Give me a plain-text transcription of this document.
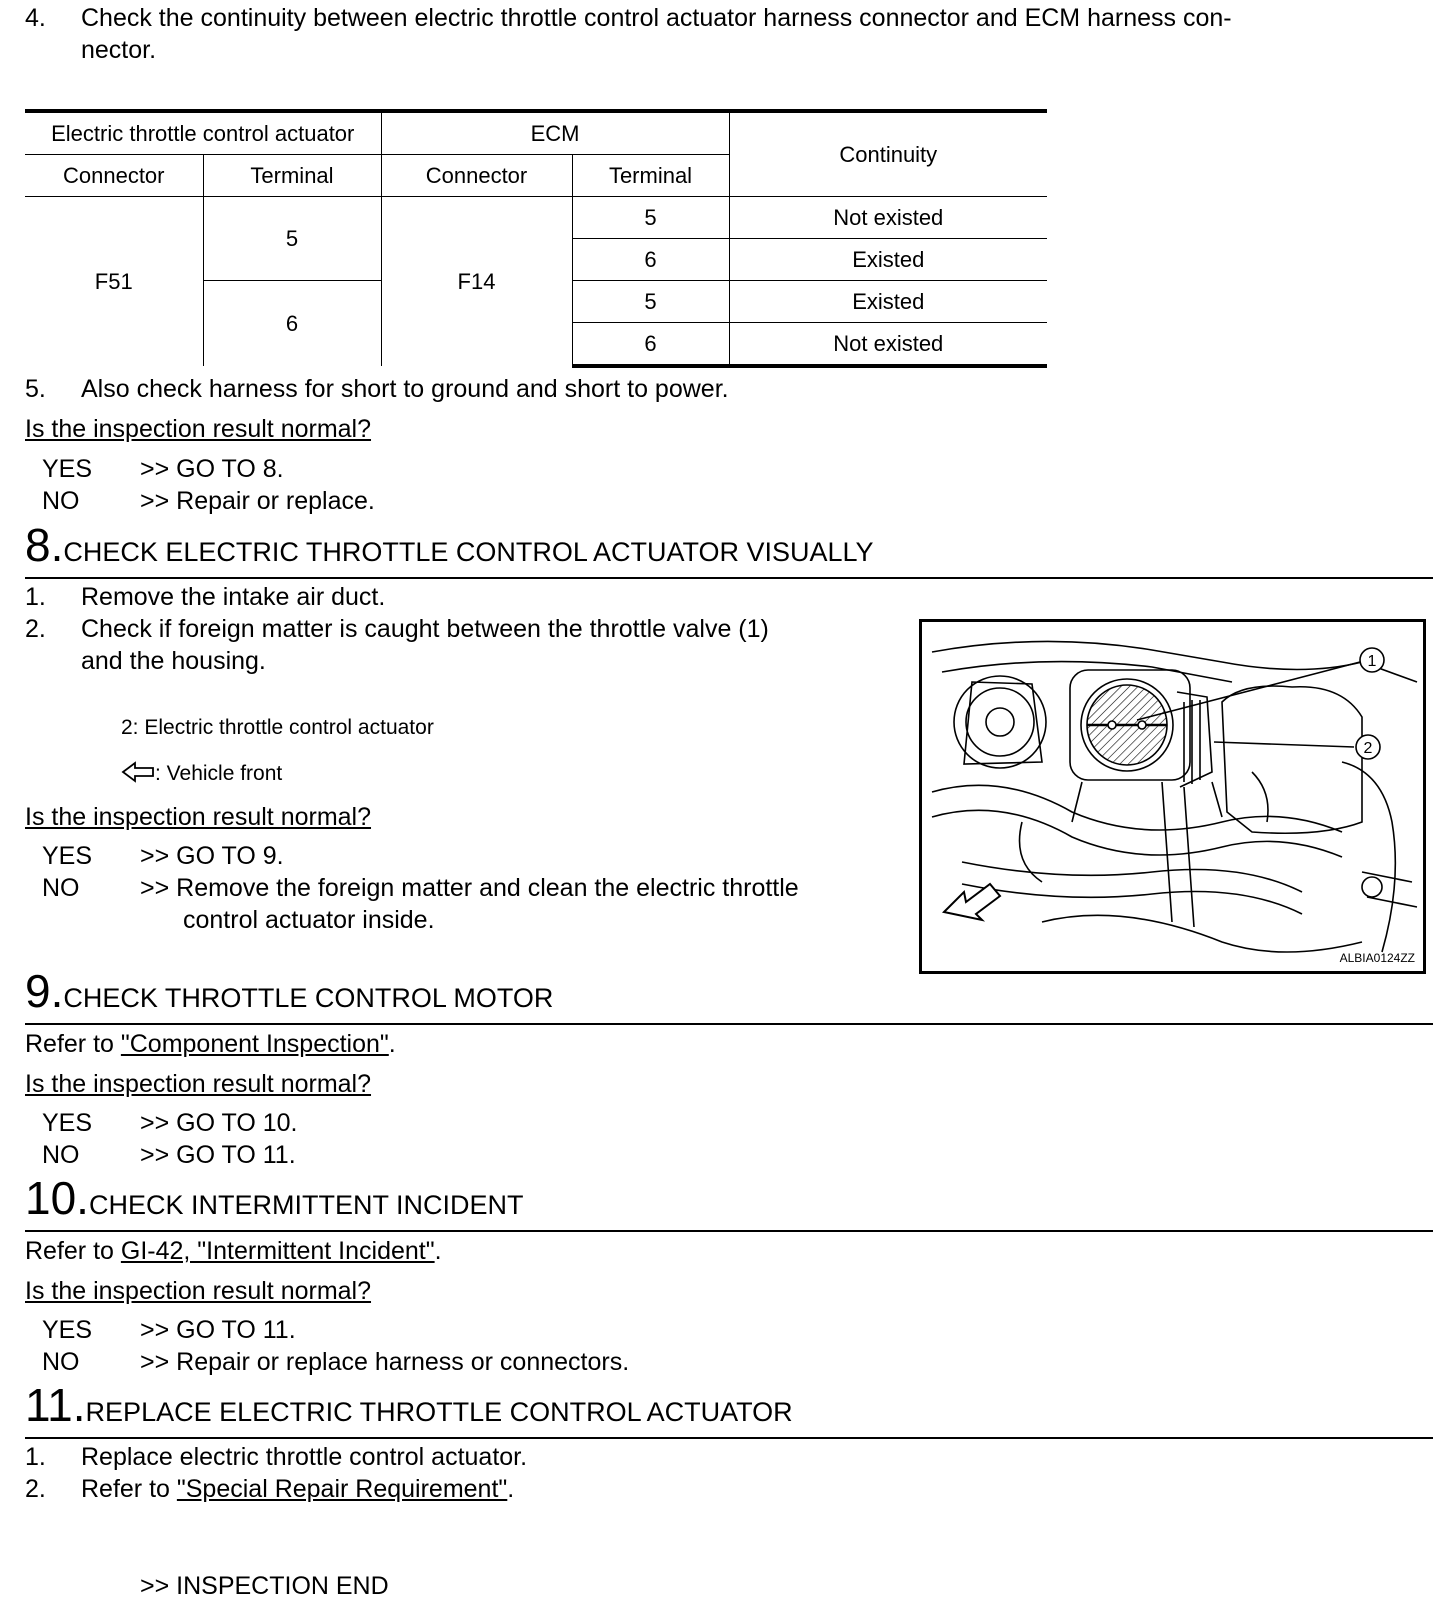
4. Check the continuity between electric throttle control actuator harness connector and ECM harness con-
nector.
Electric throttle control actuator		ECM		Continuity
Connector	Terminal	Connector	Terminal	
F51	5	F14	5	Not existed
			6	Existed
	6		5	Existed
			6	Not existed
5. Also check harness for short to ground and short to power.
Is the inspection result normal?
YES >> GO TO 8.
NO >> Repair or replace.
8.CHECK ELECTRIC THROTTLE CONTROL ACTUATOR VISUALLY
1. Remove the intake air duct.
2. Check if foreign matter is caught between the throttle valve (1)
and the housing.
2: Electric throttle control actuator
: Vehicle front
Is the inspection result normal?
YES >> GO TO 9.
NO >> Remove the foreign matter and clean the electric throttle
control actuator inside.
1
2
ALBIA0124ZZ
9.CHECK THROTTLE CONTROL MOTOR
Refer to "Component Inspection".
Is the inspection result normal?
YES >> GO TO 10.
NO >> GO TO 11.
10.CHECK INTERMITTENT INCIDENT
Refer to GI-42, "Intermittent Incident".
Is the inspection result normal?
YES >> GO TO 11.
NO >> Repair or replace harness or connectors.
11.REPLACE ELECTRIC THROTTLE CONTROL ACTUATOR
1. Replace electric throttle control actuator.
2. Refer to "Special Repair Requirement".
>> INSPECTION END
